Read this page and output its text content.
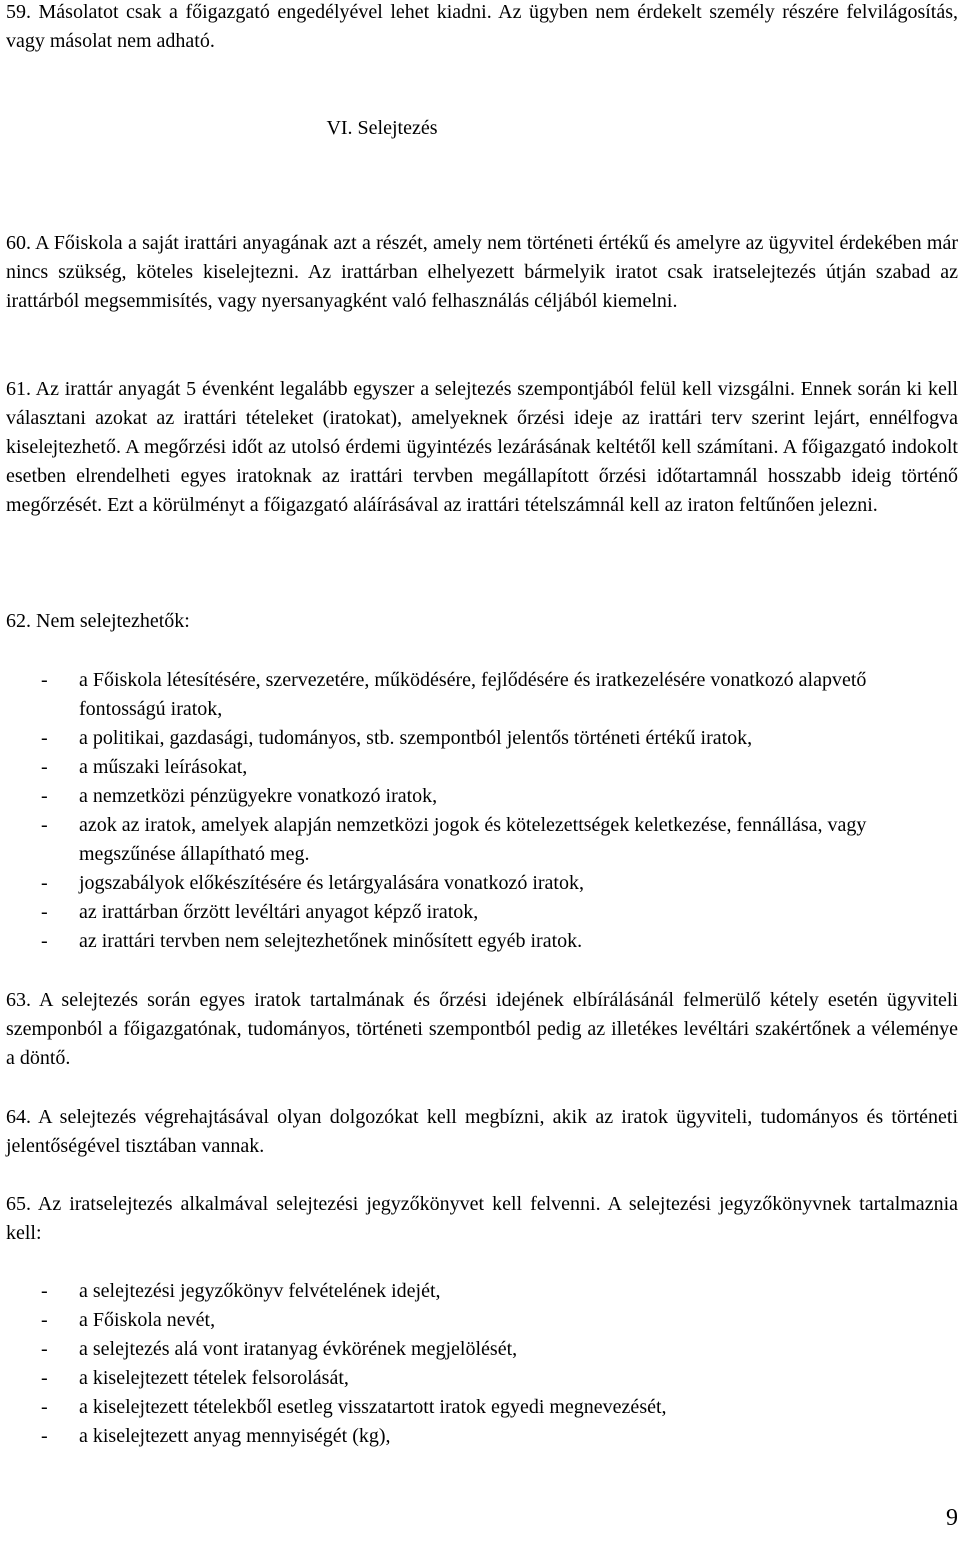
59. Másolatot csak a főigazgató engedélyével lehet kiadni. Az ügyben nem érdekelt személy részére felvilágosítás, vagy másolat nem adható.

VI. Selejtezés

60. A Főiskola a saját irattári anyagának azt a részét, amely nem történeti értékű és amelyre az ügyvitel érdekében már nincs szükség, köteles kiselejtezni. Az irattárban elhelyezett bármelyik iratot csak iratselejtezés útján szabad az irattárból megsemmisítés, vagy nyersanyagként való felhasználás céljából kiemelni.

61. Az irattár anyagát 5 évenként legalább egyszer a selejtezés szempontjából felül kell vizsgálni. Ennek során ki kell választani azokat az irattári tételeket (iratokat), amelyeknek őrzési ideje az irattári terv szerint lejárt, ennélfogva kiselejtezhető. A megőrzési időt az utolsó érdemi ügyintézés lezárásának keltétől kell számítani. A főigazgató indokolt esetben elrendelheti egyes iratoknak az irattári tervben megállapított őrzési időtartamnál hosszabb ideig történő megőrzését. Ezt a körülményt a főigazgató aláírásával az irattári tételszámnál kell az iraton feltűnően jelezni.

62. Nem selejtezhetők:

- a Főiskola létesítésére, szervezetére, működésére, fejlődésére és iratkezelésére vonatkozó alapvető fontosságú iratok,
- a politikai, gazdasági, tudományos, stb. szempontból jelentős történeti értékű iratok,
- a műszaki leírásokat,
- a nemzetközi pénzügyekre vonatkozó iratok,
- azok az iratok, amelyek alapján nemzetközi jogok és kötelezettségek keletkezése, fennállása, vagy megszűnése állapítható meg.
- jogszabályok előkészítésére és letárgyalására vonatkozó iratok,
- az irattárban őrzött levéltári anyagot képző iratok,
- az irattári tervben nem selejtezhetőnek minősített egyéb iratok.

63. A selejtezés során egyes iratok tartalmának és őrzési idejének elbírálásánál felmerülő kétely esetén ügyviteli szemponból a főigazgatónak, tudományos, történeti szempontból pedig az illetékes levéltári szakértőnek a véleménye a döntő.

64. A selejtezés végrehajtásával olyan dolgozókat kell megbízni, akik az iratok ügyviteli, tudományos és történeti jelentőségével tisztában vannak.

65. Az iratselejtezés alkalmával selejtezési jegyzőkönyvet kell felvenni. A selejtezési jegyzőkönyvnek tartalmaznia kell:

- a selejtezési jegyzőkönyv felvételének idejét,
- a Főiskola nevét,
- a selejtezés alá vont iratanyag évkörének megjelölését,
- a kiselejtezett tételek felsorolását,
- a kiselejtezett tételekből esetleg visszatartott iratok egyedi megnevezését,
- a kiselejtezett anyag mennyiségét (kg),
9
